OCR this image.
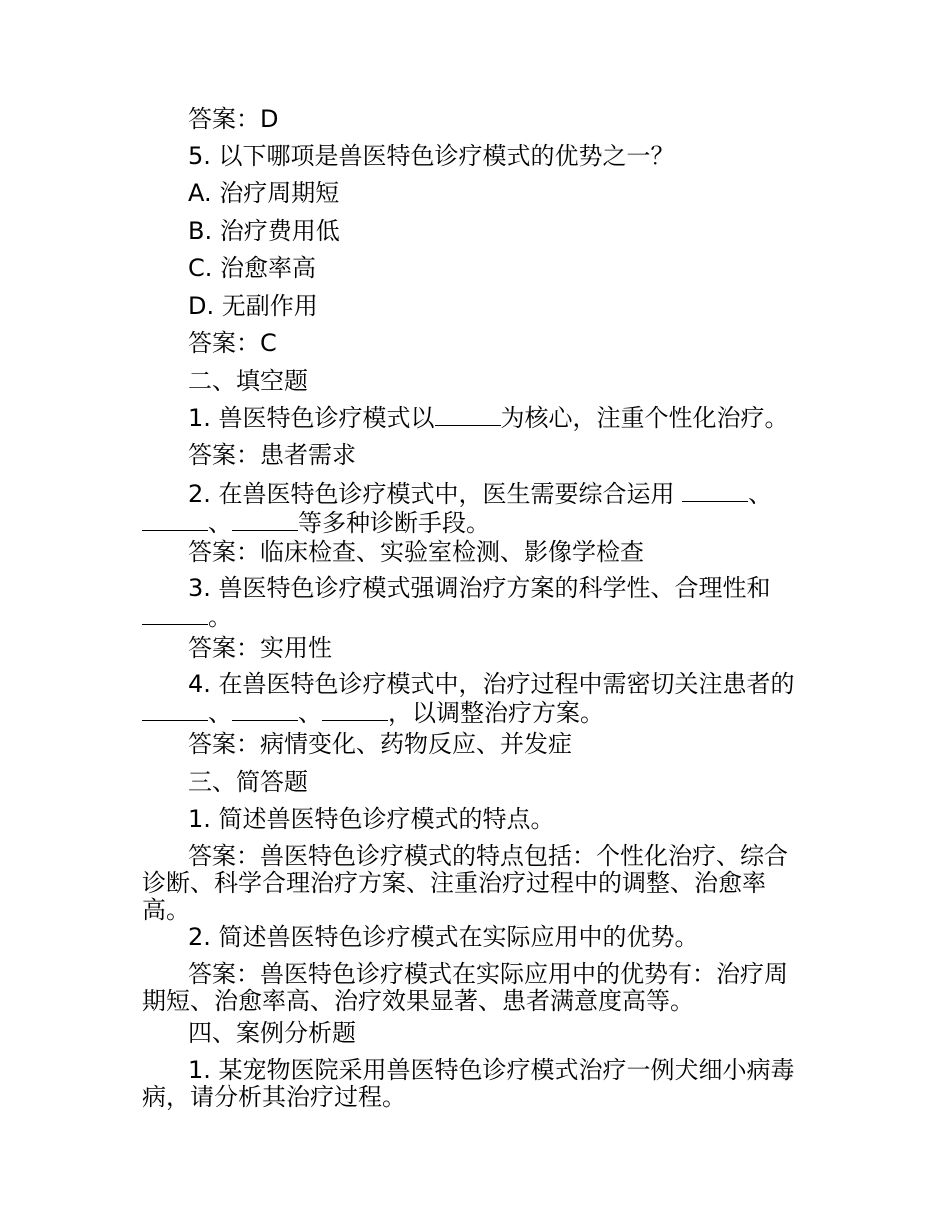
答案：D
5. 以下哪项是兽医特色诊疗模式的优势之一？
A. 治疗周期短
B. 治疗费用低
C. 治愈率高
D. 无副作用
答案：C
二、填空题
1. 兽医特色诊疗模式以	为核心，注重个性化治疗。
答案：患者需求
2. 在兽医特色诊疗模式中，医生需要综合运用	、、	等多种诊断手段。
答案：临床检查、实验室检测、影像学检查
3. 兽医特色诊疗模式强调治疗方案的科学性、合理性和 。
答案：实用性
4. 在兽医特色诊疗模式中，治疗过程中需密切关注患者的 、	、	，以调整治疗方案。
答案：病情变化、药物反应、并发症
三、简答题
1. 简述兽医特色诊疗模式的特点。
答案：兽医特色诊疗模式的特点包括：个性化治疗、综合诊断、科学合理治疗方案、注重治疗过程中的调整、治愈率高。
2. 简述兽医特色诊疗模式在实际应用中的优势。
答案：兽医特色诊疗模式在实际应用中的优势有：治疗周期短、治愈率高、治疗效果显著、患者满意度高等。
四、案例分析题
1. 某宠物医院采用兽医特色诊疗模式治疗一例犬细小病毒病，请分析其治疗过程。
